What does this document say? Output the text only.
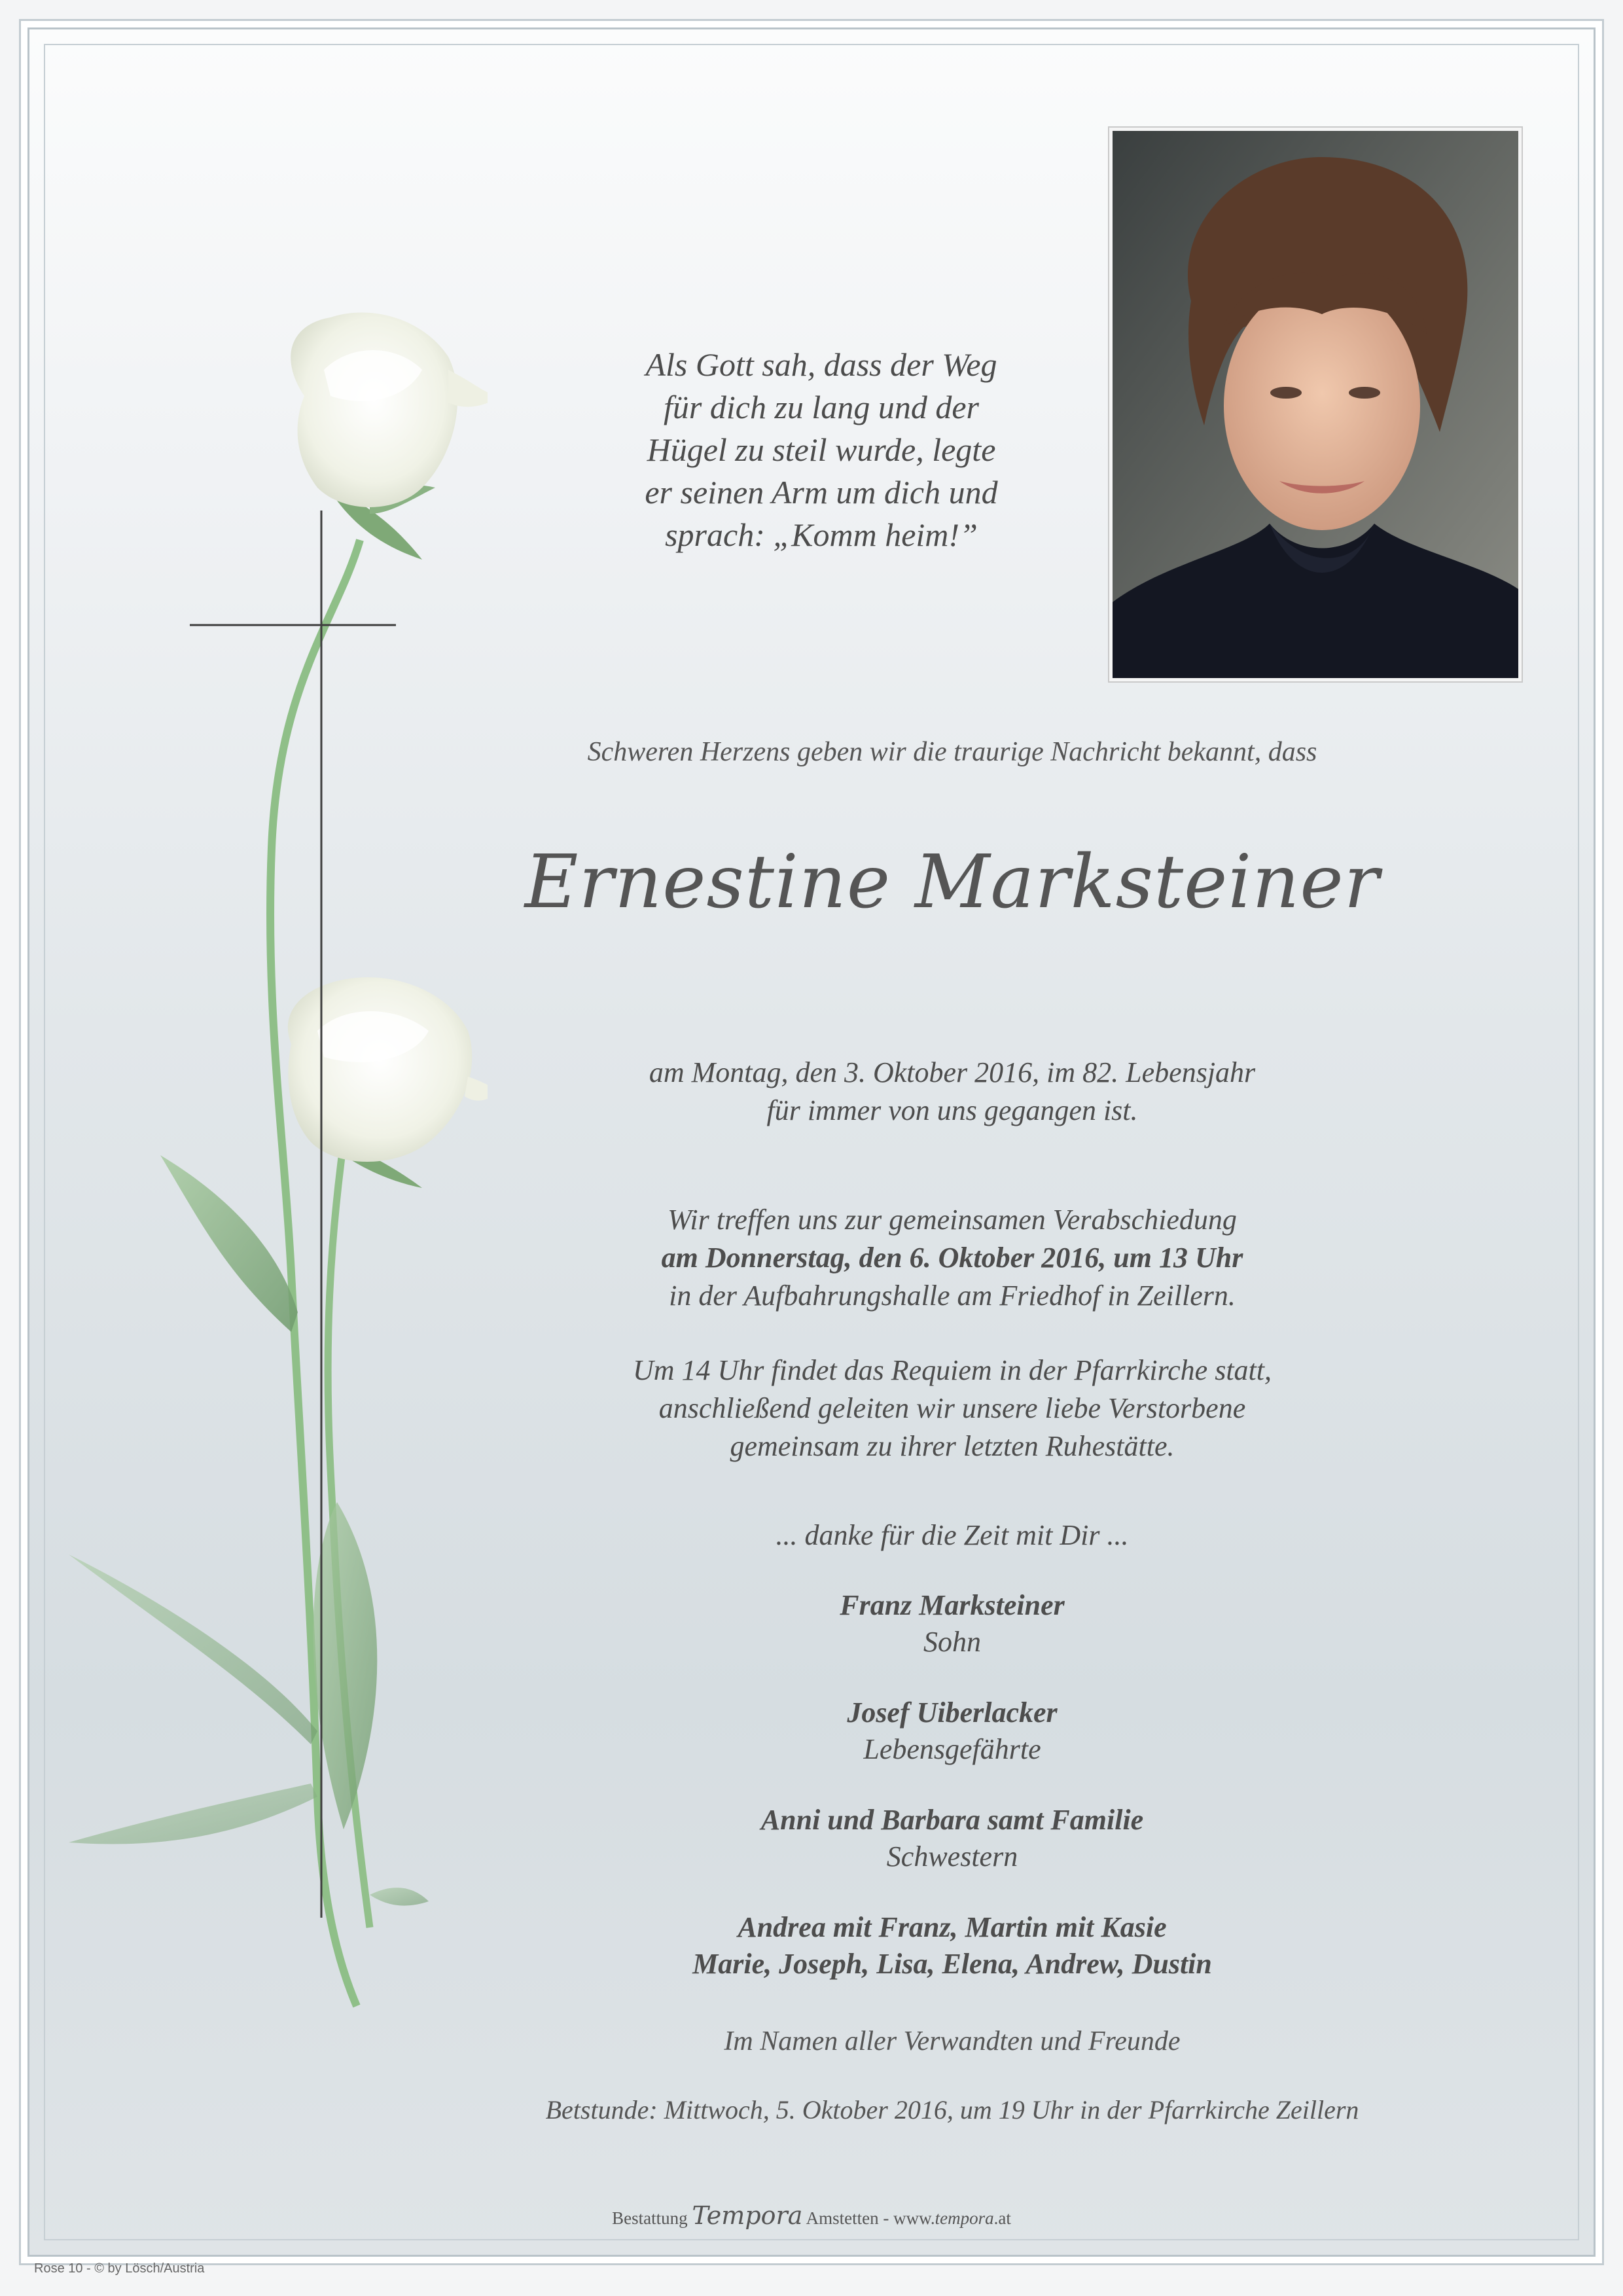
Als Gott sah, dass der Weg
für dich zu lang und der
Hügel zu steil wurde, legte
er seinen Arm um dich und
sprach: „Komm heim!”
Schweren Herzens geben wir die traurige Nachricht bekannt, dass
Ernestine Marksteiner
am Montag, den 3. Oktober 2016, im 82. Lebensjahr
für immer von uns gegangen ist.
Wir treffen uns zur gemeinsamen Verabschiedung
am Donnerstag, den 6. Oktober 2016, um 13 Uhr
in der Aufbahrungshalle am Friedhof in Zeillern.
Um 14 Uhr findet das Requiem in der Pfarrkirche statt,
anschließend geleiten wir unsere liebe Verstorbene
gemeinsam zu ihrer letzten Ruhestätte.
... danke für die Zeit mit Dir ...
Franz Marksteiner
Sohn
Josef Uiberlacker
Lebensgefährte
Anni und Barbara samt Familie
Schwestern
Andrea mit Franz, Martin mit Kasie
Marie, Joseph, Lisa, Elena, Andrew, Dustin
Im Namen aller Verwandten und Freunde
Betstunde: Mittwoch, 5. Oktober 2016, um 19 Uhr in der Pfarrkirche Zeillern
Bestattung Tempora Amstetten - www.tempora.at
Rose 10 - © by Lösch/Austria
